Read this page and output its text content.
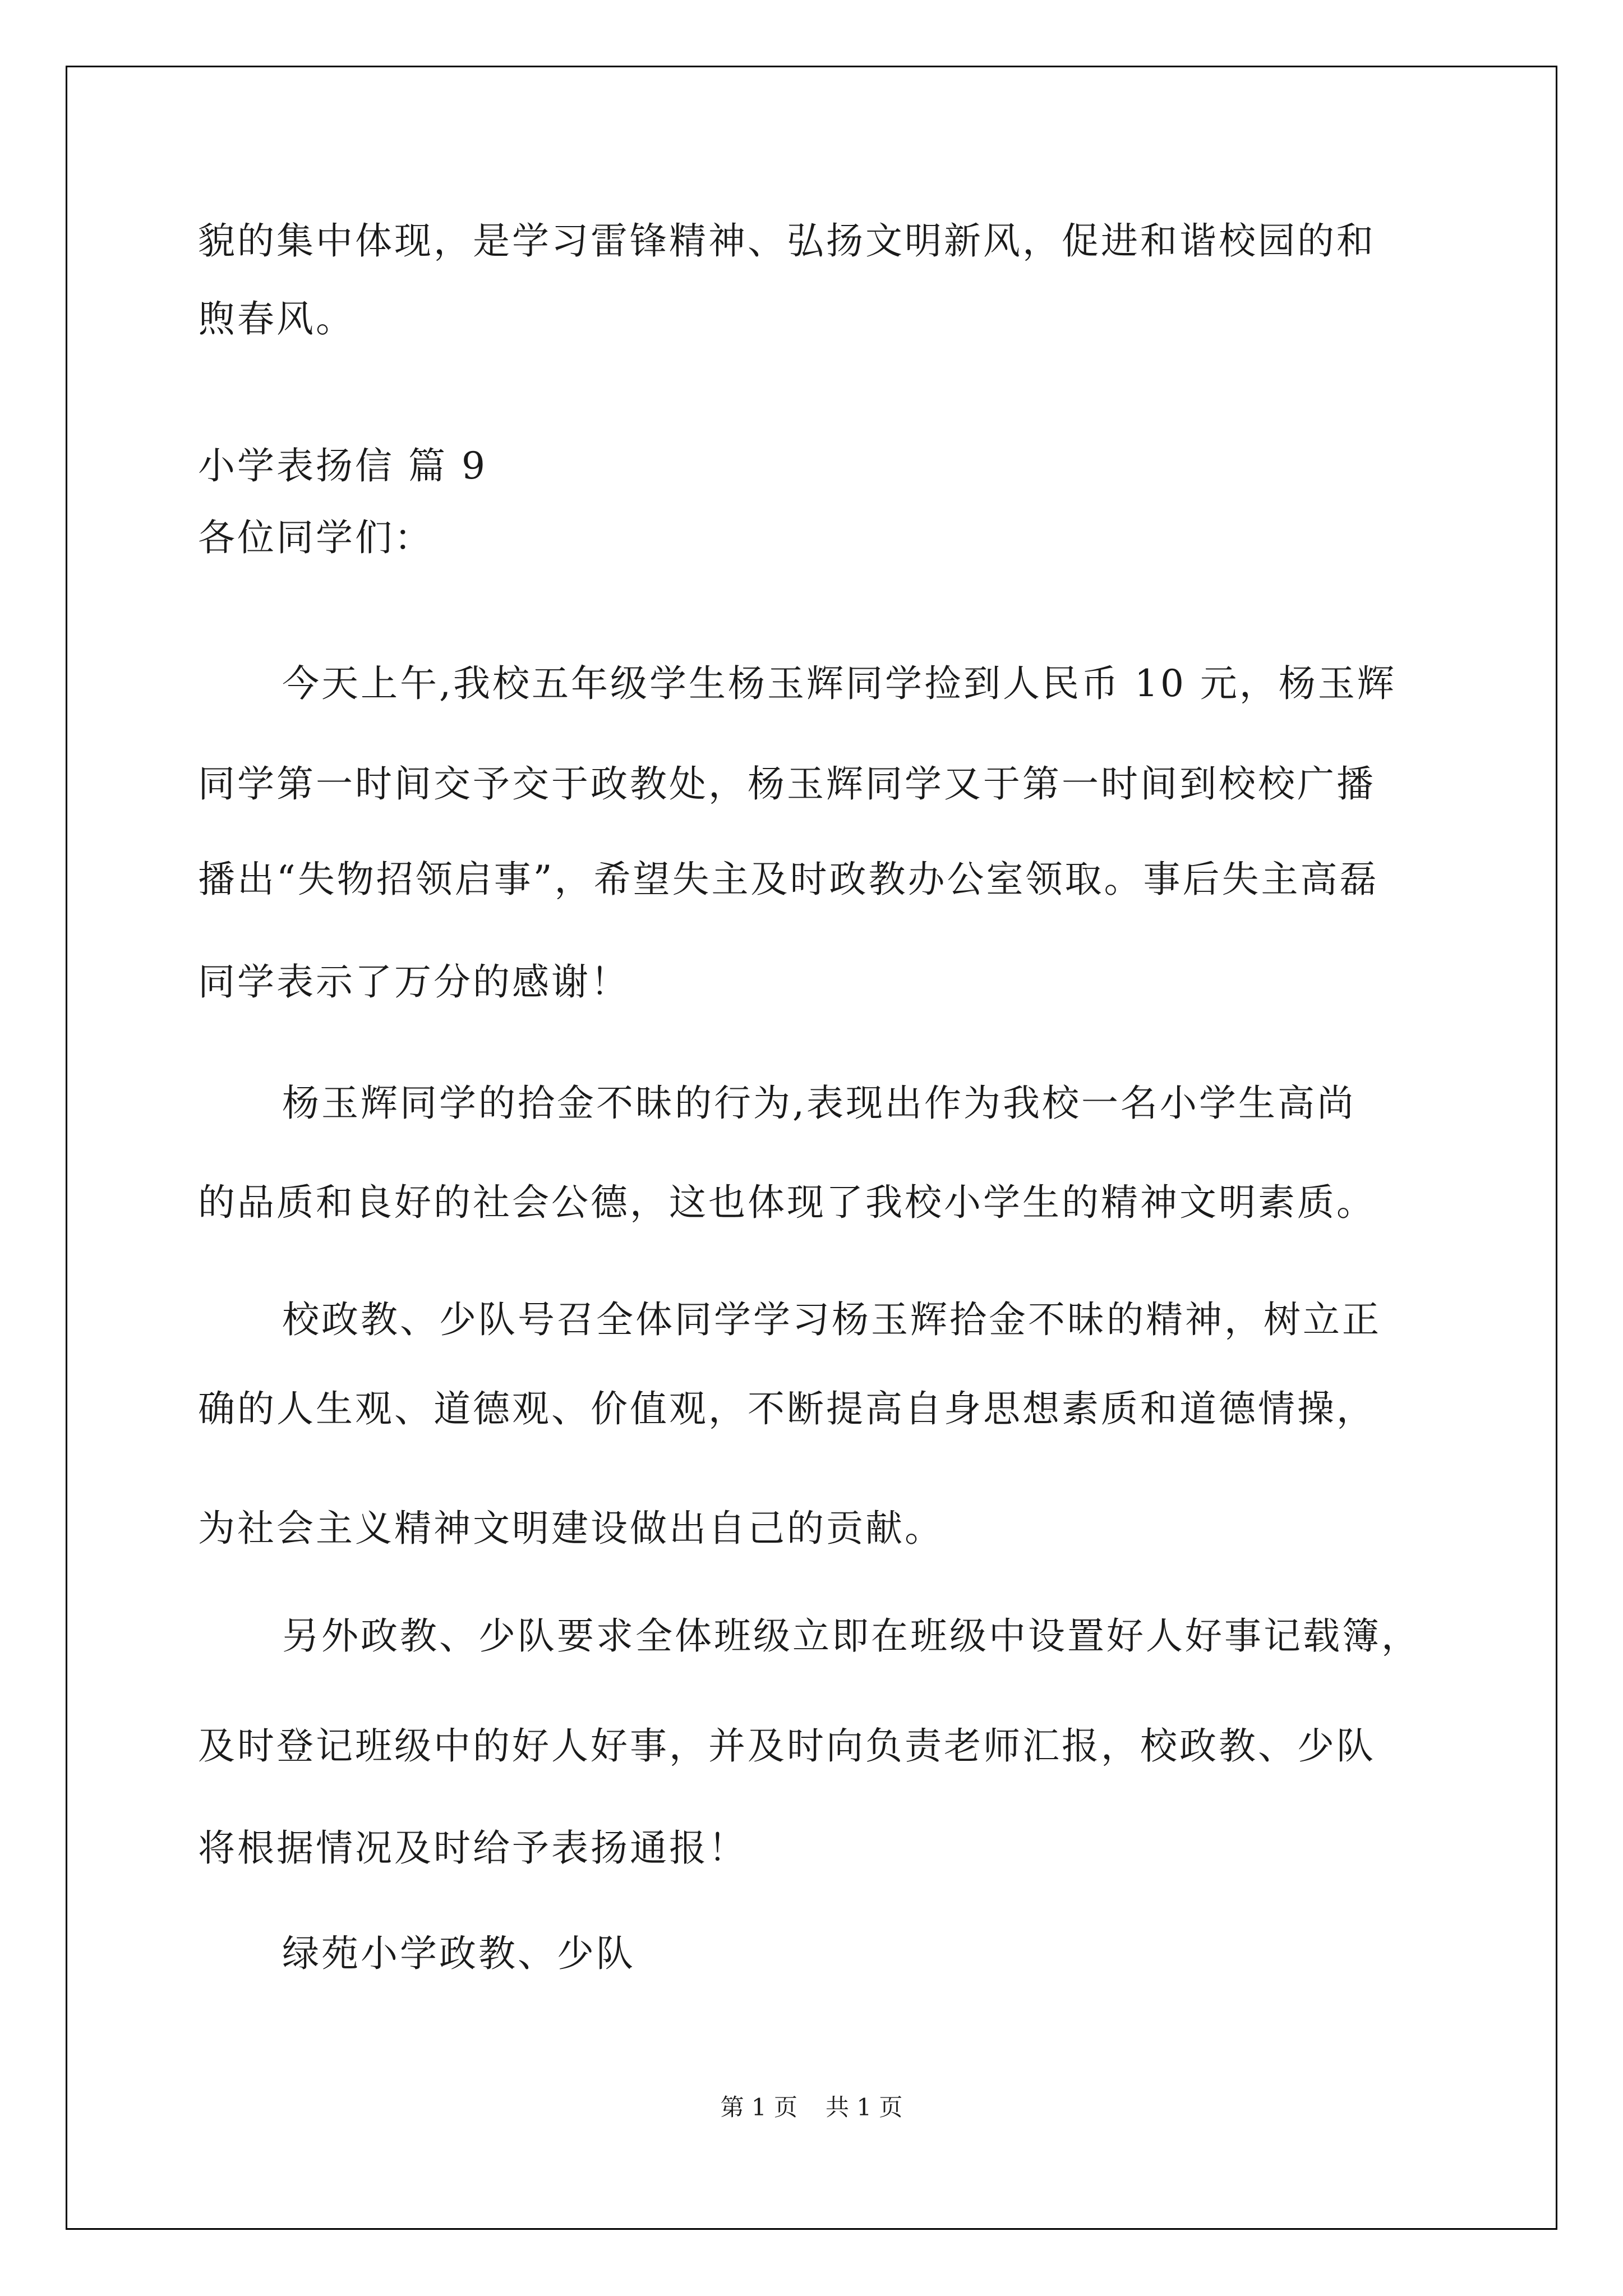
貌的集中体现，是学习雷锋精神、弘扬文明新风，促进和谐校园的和
煦春风。
小学表扬信 篇 9
各位同学们：
今天上午,我校五年级学生杨玉辉同学捡到人民币 10 元，杨玉辉
同学第一时间交予交于政教处，杨玉辉同学又于第一时间到校校广播
播出“失物招领启事”，希望失主及时政教办公室领取。事后失主高磊
同学表示了万分的感谢！
杨玉辉同学的拾金不昧的行为,表现出作为我校一名小学生高尚
的品质和良好的社会公德，这也体现了我校小学生的精神文明素质。
校政教、少队号召全体同学学习杨玉辉拾金不昧的精神，树立正
确的人生观、道德观、价值观，不断提高自身思想素质和道德情操，
为社会主义精神文明建设做出自己的贡献。
另外政教、少队要求全体班级立即在班级中设置好人好事记载簿，
及时登记班级中的好人好事，并及时向负责老师汇报，校政教、少队
将根据情况及时给予表扬通报！
绿苑小学政教、少队
第 1 页 共 1 页
